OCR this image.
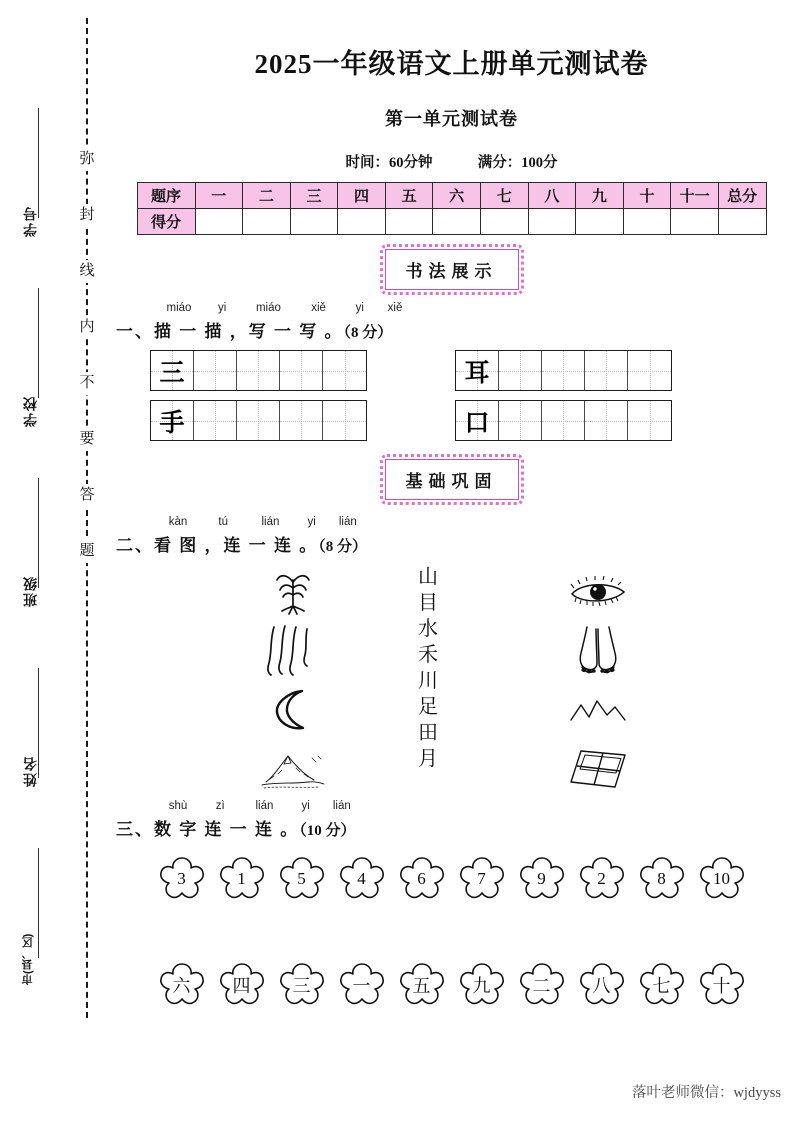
弥
封
线
内
不
要
答
题
学号
学校
班级
姓名
市(县、区)
2025一年级语文上册单元测试卷
第一单元测试卷
时间：60分钟	满分：100分
题序	一	二	三	四	五	六	七	八	九	十	十一	总分
得分												
书法展示
miáo yi	miáo	xiě	yi xiě
一、描 一 描 ，写 一 写 。（8 分）
三	耳
手	口
基础巩固
kàn	tú	lián yi lián
二、看 图 ，连 一 连 。（8 分）
山
目
水
禾
川
足
田
月
shù zì	lián yi lián
三、数 字 连 一 连 。（10 分）
3	1	5	4	6	7	9	2	8	10
六 四 三 一 五 九 二 八 七 十
落叶老师微信：wjdyyss
